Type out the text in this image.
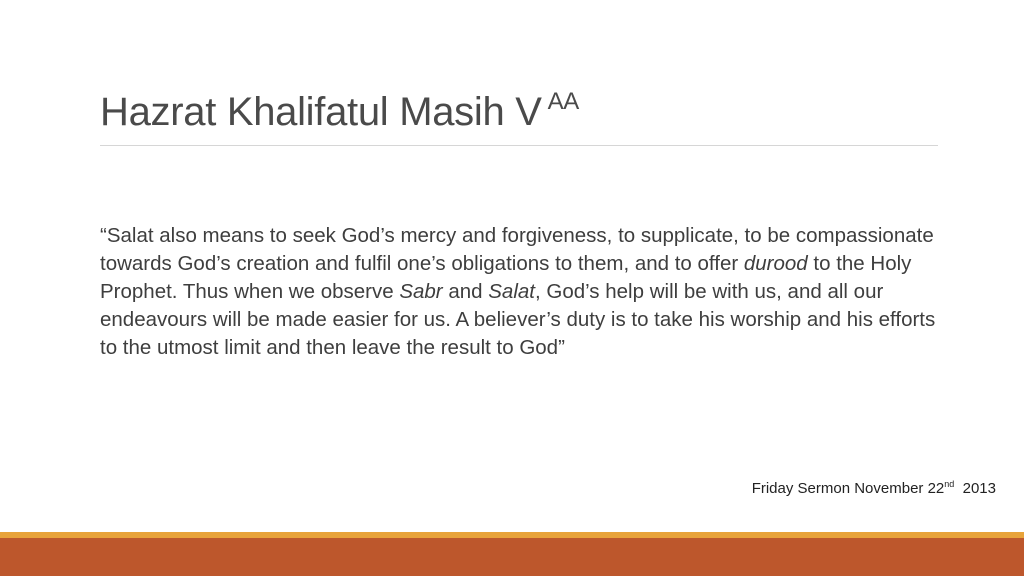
Hazrat Khalifatul Masih V $^{AA}$

“Salat also means to seek God’s mercy and forgiveness, to supplicate, to be compassionate towards God’s creation and fulfil one’s obligations to them, and to offer durood to the Holy Prophet. Thus when we observe Sabr and Salat, God’s help will be with us, and all our endeavours will be made easier for us. A believer’s duty is to take his worship and his efforts to the utmost limit and then leave the result to God”

Friday Sermon November 22nd 2013
